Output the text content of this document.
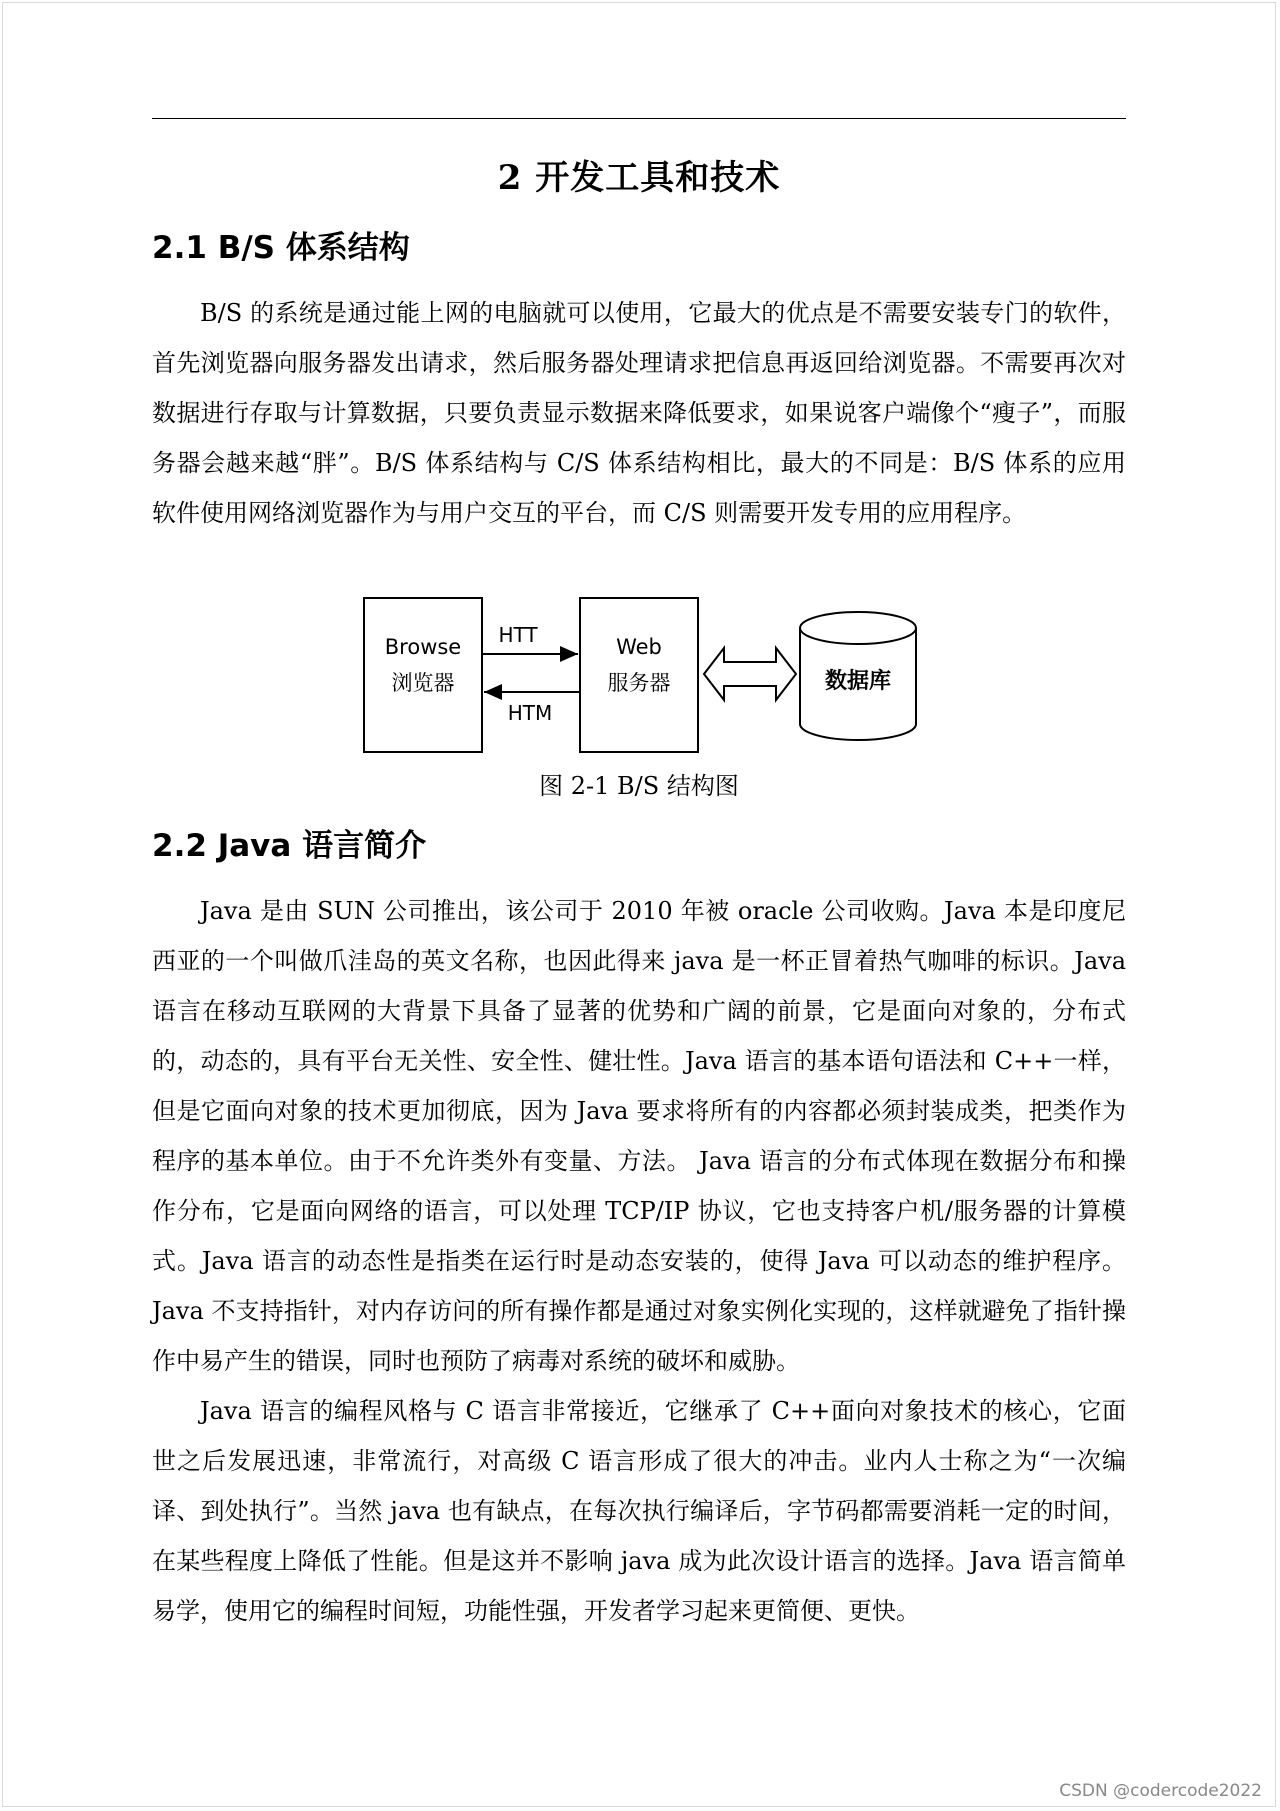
2 开发工具和技术
2.1 B/S 体系结构

B/S 的系统是通过能上网的电脑就可以使用，它最大的优点是不需要安装专门的软件，首先浏览器向服务器发出请求，然后服务器处理请求把信息再返回给浏览器。不需要再次对数据进行存取与计算数据，只要负责显示数据来降低要求，如果说客户端像个“瘦子”，而服务器会越来越“胖”。B/S 体系结构与 C/S 体系结构相比，最大的不同是：B/S 体系的应用软件使用网络浏览器作为与用户交互的平台，而 C/S 则需要开发专用的应用程序。

Browse
浏览器
Web
服务器
HTT
HTM
数据库
图 2-1 B/S 结构图
2.2 Java 语言简介

Java 是由 SUN 公司推出，该公司于 2010 年被 oracle 公司收购。Java 本是印度尼西亚的一个叫做爪洼岛的英文名称，也因此得来 java 是一杯正冒着热气咖啡的标识。Java 语言在移动互联网的大背景下具备了显著的优势和广阔的前景，它是面向对象的，分布式的，动态的，具有平台无关性、安全性、健壮性。Java 语言的基本语句语法和 C++一样，但是它面向对象的技术更加彻底，因为 Java 要求将所有的内容都必须封装成类，把类作为程序的基本单位。由于不允许类外有变量、方法。 Java 语言的分布式体现在数据分布和操作分布，它是面向网络的语言，可以处理 TCP/IP 协议，它也支持客户机/服务器的计算模式。Java 语言的动态性是指类在运行时是动态安装的，使得 Java 可以动态的维护程序。Java 不支持指针，对内存访问的所有操作都是通过对象实例化实现的，这样就避免了指针操作中易产生的错误，同时也预防了病毒对系统的破坏和威胁。

Java 语言的编程风格与 C 语言非常接近，它继承了 C++面向对象技术的核心，它面世之后发展迅速，非常流行，对高级 C 语言形成了很大的冲击。业内人士称之为“一次编译、到处执行”。当然 java 也有缺点，在每次执行编译后，字节码都需要消耗一定的时间，在某些程度上降低了性能。但是这并不影响 java 成为此次设计语言的选择。Java 语言简单易学，使用它的编程时间短，功能性强，开发者学习起来更简便、更快。

CSDN @codercode2022
